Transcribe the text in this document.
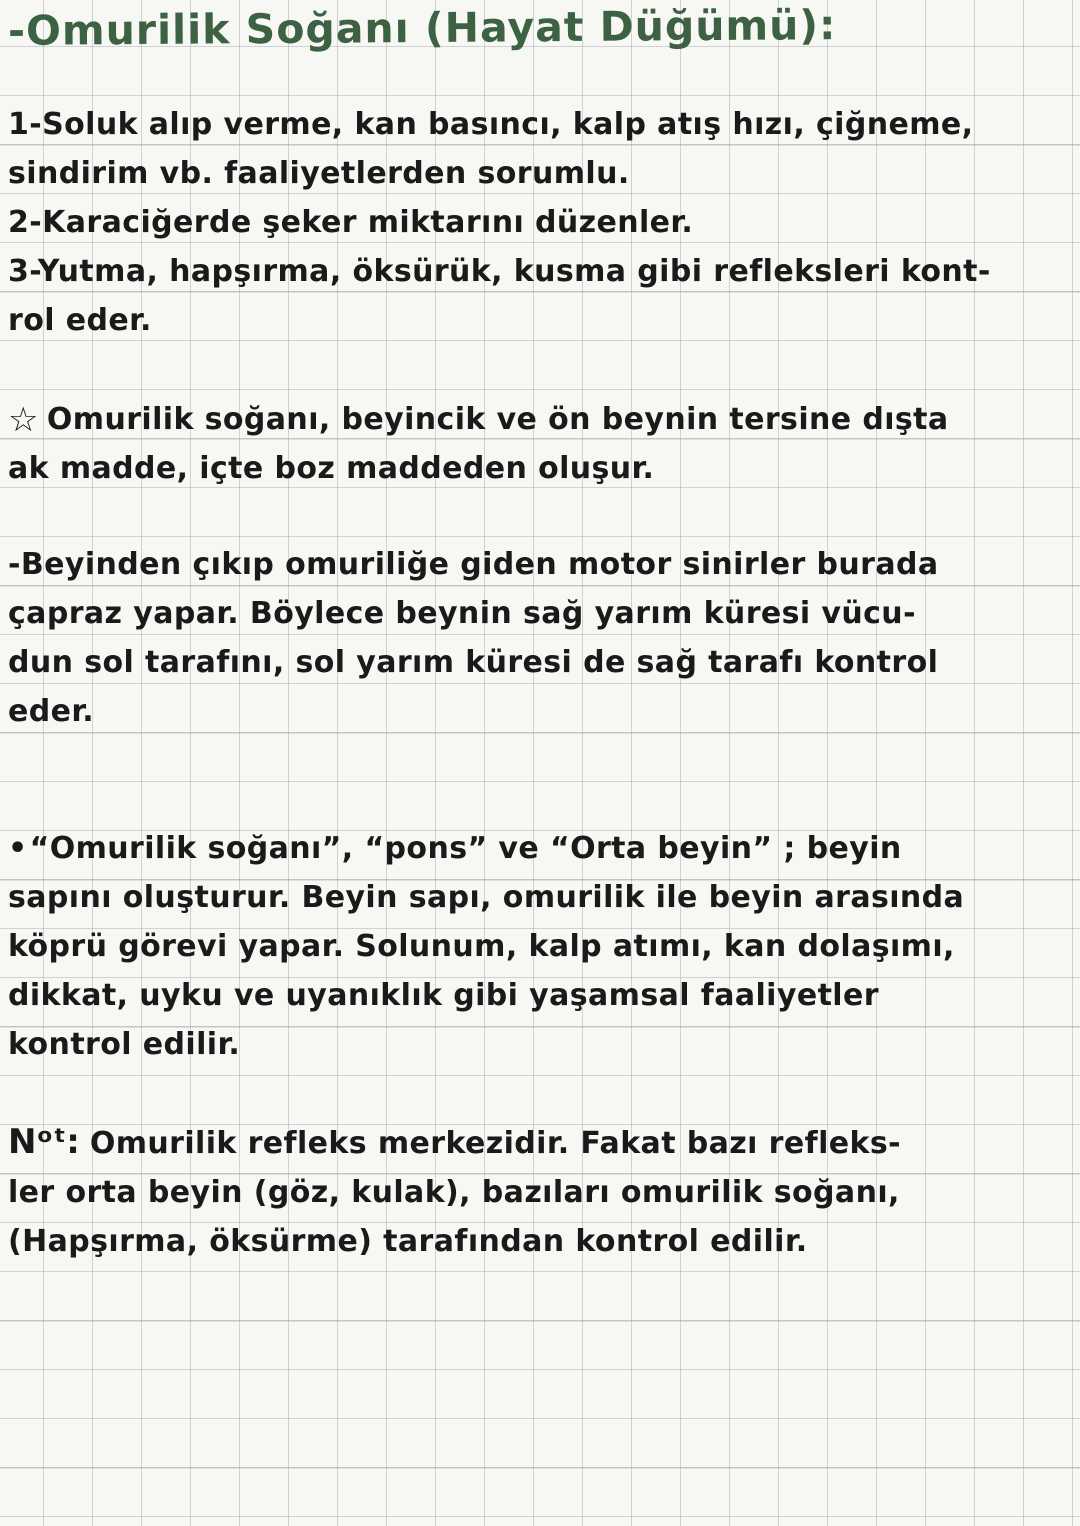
-Omurilik Soğanı (Hayat Düğümü):
1-Soluk alıp verme, kan basıncı, kalp atış hızı, çiğneme,
sindirim vb. faaliyetlerden sorumlu.
2-Karaciğerde şeker miktarını düzenler.
3-Yutma, hapşırma, öksürük, kusma gibi refleksleri kont-
rol eder.
☆ Omurilik soğanı, beyincik ve ön beynin tersine dışta
ak madde, içte boz maddeden oluşur.
-Beyinden çıkıp omuriliğe giden motor sinirler burada
çapraz yapar. Böylece beynin sağ yarım küresi vücu-
dun sol tarafını, sol yarım küresi de sağ tarafı kontrol
eder.
•“Omurilik soğanı”, “pons” ve “Orta beyin” ; beyin
sapını oluşturur. Beyin sapı, omurilik ile beyin arasında
köprü görevi yapar. Solunum, kalp atımı, kan dolaşımı,
dikkat, uyku ve uyanıklık gibi yaşamsal faaliyetler
kontrol edilir.
Nᵒᵗ: Omurilik refleks merkezidir. Fakat bazı refleks-
ler orta beyin (göz, kulak), bazıları omurilik soğanı,
(Hapşırma, öksürme) tarafından kontrol edilir.
